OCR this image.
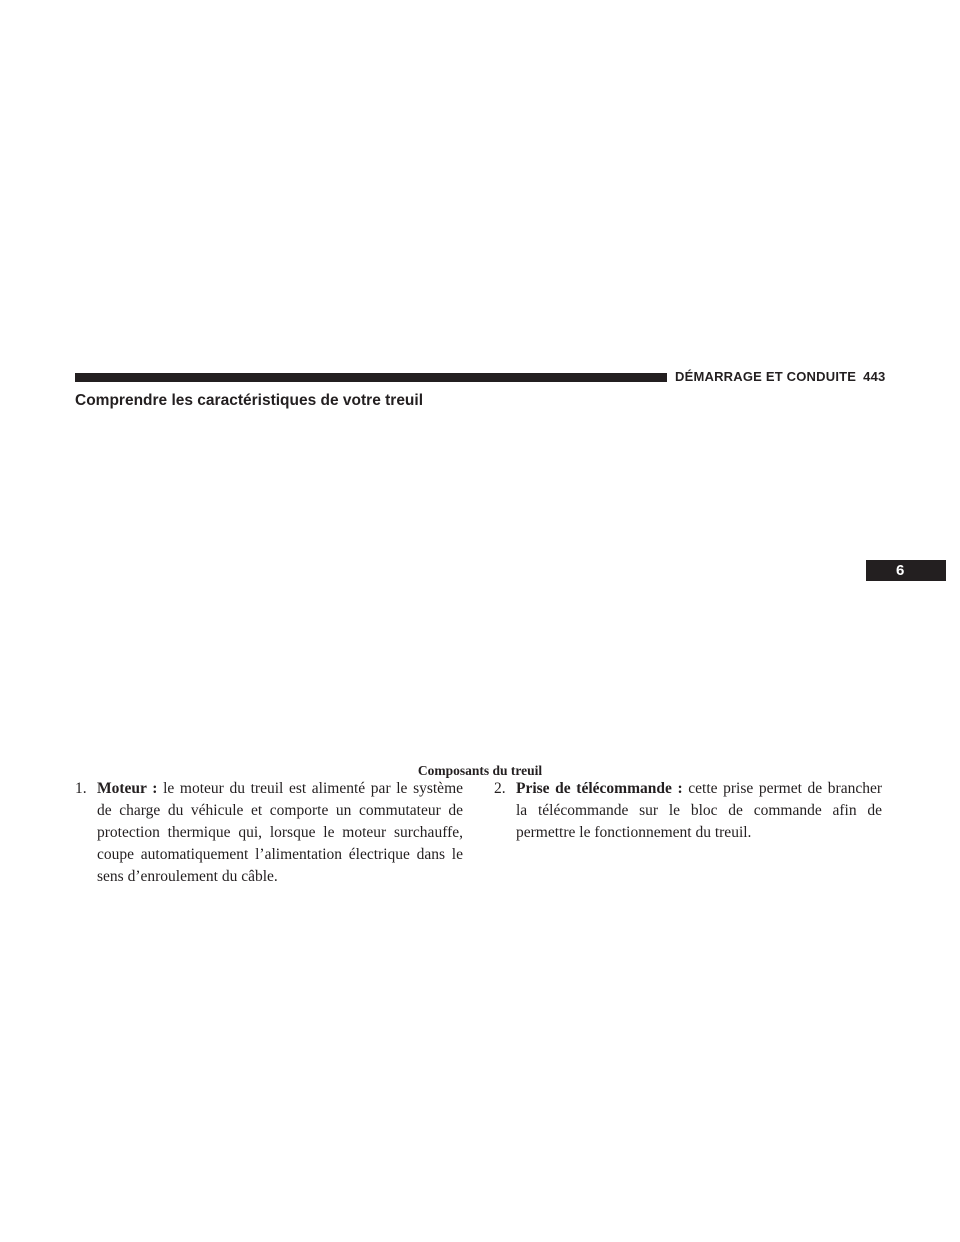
DÉMARRAGE ET CONDUITE 443
Comprendre les caractéristiques de votre treuil
6
Composants du treuil
1. Moteur : le moteur du treuil est alimenté par le système de charge du véhicule et comporte un commutateur de protection thermique qui, lorsque le moteur surchauffe, coupe automatiquement l’alimentation électrique dans le sens d’enroulement du câble.
2. Prise de télécommande : cette prise permet de brancher la télécommande sur le bloc de commande afin de permettre le fonctionnement du treuil.
